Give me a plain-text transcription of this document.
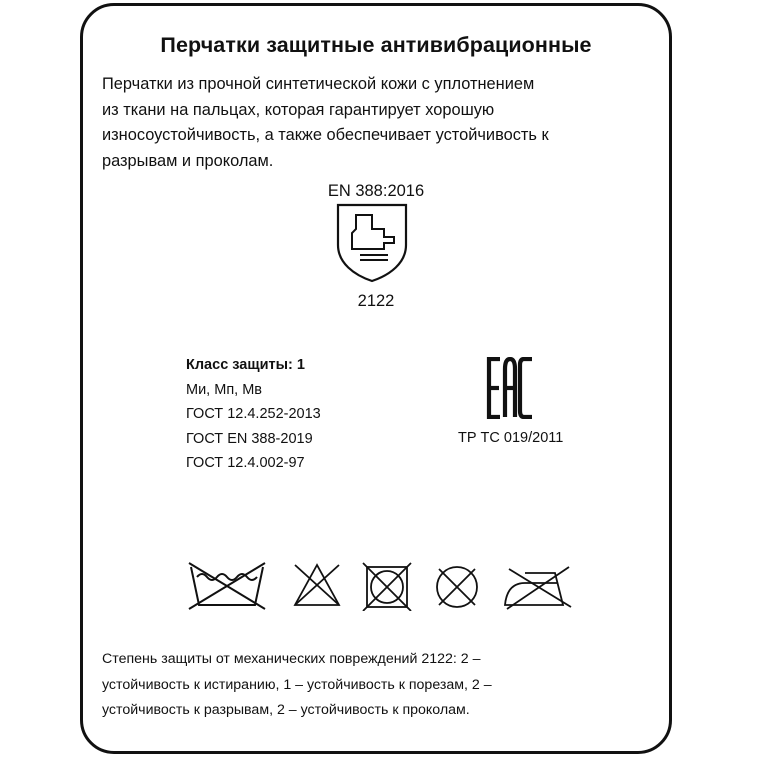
Перчатки защитные антивибрационные
Перчатки из прочной синтетической кожи с уплотнением
из ткани на пальцах, которая гарантирует хорошую
износоустойчивость, а также обеспечивает устойчивость к
разрывам и проколам.
EN 388:2016
2122
Класс защиты: 1
Ми, Мп, Мв
ГОСТ 12.4.252-2013
ГОСТ EN 388-2019
ГОСТ 12.4.002-97
ТР ТС 019/2011
Степень защиты от механических повреждений 2122: 2 –
устойчивость к истиранию, 1 – устойчивость к порезам, 2 –
устойчивость к разрывам, 2 – устойчивость к проколам.
